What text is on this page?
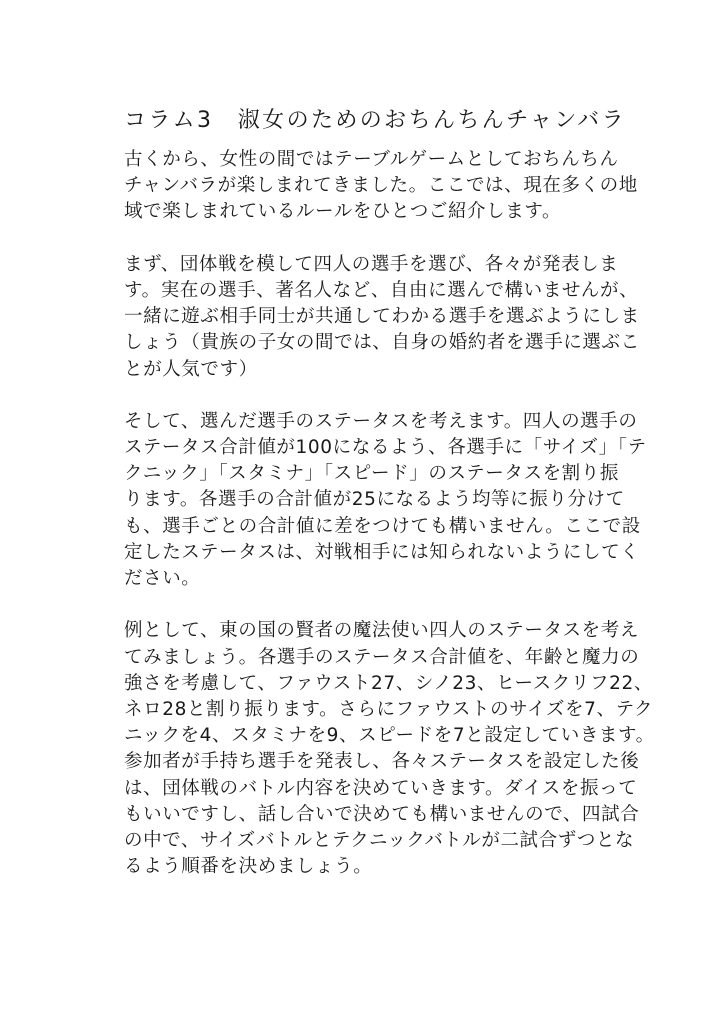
コラム3　淑女のためのおちんちんチャンバラ
古くから、女性の間ではテーブルゲームとしておちんちん
チャンバラが楽しまれてきました。ここでは、現在多くの地
域で楽しまれているルールをひとつご紹介します。
まず、団体戦を模して四人の選手を選び、各々が発表しま
す。実在の選手、著名人など、自由に選んで構いませんが、
一緒に遊ぶ相手同士が共通してわかる選手を選ぶようにしま
しょう（貴族の子女の間では、自身の婚約者を選手に選ぶこ
とが人気です）
そして、選んだ選手のステータスを考えます。四人の選手の
ステータス合計値が100になるよう、各選手に「サイズ」「テ
クニック」「スタミナ」「スピード」のステータスを割り振
ります。各選手の合計値が25になるよう均等に振り分けて
も、選手ごとの合計値に差をつけても構いません。ここで設
定したステータスは、対戦相手には知られないようにしてく
ださい。
例として、東の国の賢者の魔法使い四人のステータスを考え
てみましょう。各選手のステータス合計値を、年齢と魔力の
強さを考慮して、ファウスト27、シノ23、ヒースクリフ22、
ネロ28と割り振ります。さらにファウストのサイズを7、テク
ニックを4、スタミナを9、スピードを7と設定していきます。
参加者が手持ち選手を発表し、各々ステータスを設定した後
は、団体戦のバトル内容を決めていきます。ダイスを振って
もいいですし、話し合いで決めても構いませんので、四試合
の中で、サイズバトルとテクニックバトルが二試合ずつとな
るよう順番を決めましょう。
